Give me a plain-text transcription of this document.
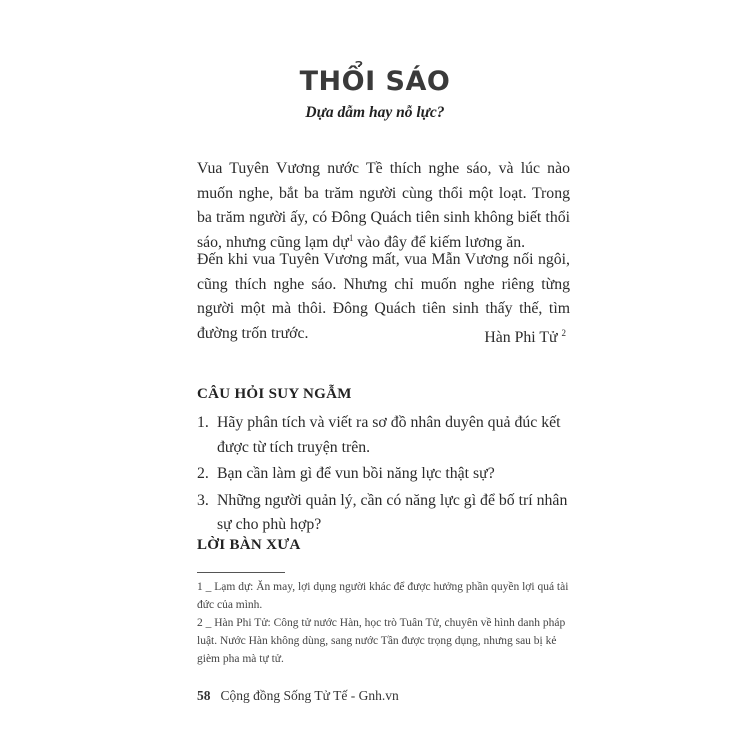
THỔI SÁO
Dựa dẫm hay nỗ lực?
Vua Tuyên Vương nước Tề thích nghe sáo, và lúc nào muốn nghe, bắt ba trăm người cùng thổi một loạt. Trong ba trăm người ấy, có Đông Quách tiên sinh không biết thổi sáo, nhưng cũng lạm dự$^1$ vào đây để kiếm lương ăn.
Đến khi vua Tuyên Vương mất, vua Mẫn Vương nối ngôi, cũng thích nghe sáo. Nhưng chỉ muốn nghe riêng từng người một mà thôi. Đông Quách tiên sinh thấy thế, tìm đường trốn trước.	Hàn Phi Tử $^2$
CÂU HỎI SUY NGẪM
1. Hãy phân tích và viết ra sơ đồ nhân duyên quả đúc kết được từ tích truyện trên.
2. Bạn cần làm gì để vun bồi năng lực thật sự?
3. Những người quản lý, cần có năng lực gì để bố trí nhân sự cho phù hợp?
LỜI BÀN XƯA

1 _ Lạm dự: Ăn may, lợi dụng người khác để được hưởng phần quyền lợi quá tài đức của mình.

2 _ Hàn Phi Tử: Công tử nước Hàn, học trò Tuân Tử, chuyên về hình danh pháp luật. Nước Hàn không dùng, sang nước Tần được trọng dụng, nhưng sau bị kẻ gièm pha mà tự tử.

58 Cộng đồng Sống Tử Tế - Gnh.vn
